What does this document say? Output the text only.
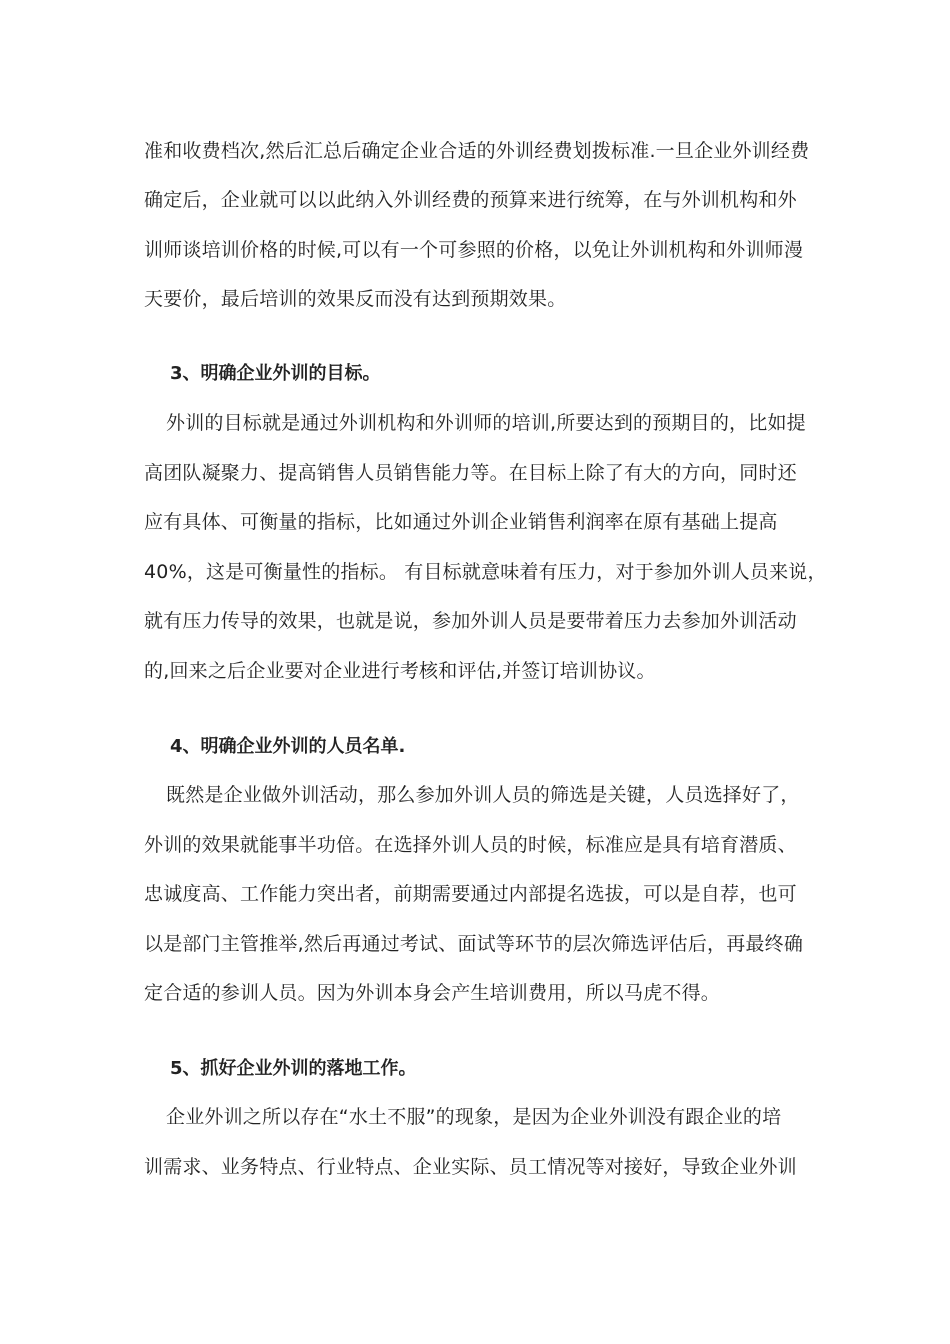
准和收费档次,然后汇总后确定企业合适的外训经费划拨标准.一旦企业外训经费
确定后，企业就可以以此纳入外训经费的预算来进行统筹，在与外训机构和外
训师谈培训价格的时候,可以有一个可参照的价格，以免让外训机构和外训师漫
天要价，最后培训的效果反而没有达到预期效果。
3、明确企业外训的目标。
外训的目标就是通过外训机构和外训师的培训,所要达到的预期目的，比如提
高团队凝聚力、提高销售人员销售能力等。在目标上除了有大的方向，同时还
应有具体、可衡量的指标，比如通过外训企业销售利润率在原有基础上提高
40%，这是可衡量性的指标。 有目标就意味着有压力，对于参加外训人员来说，
就有压力传导的效果，也就是说，参加外训人员是要带着压力去参加外训活动
的,回来之后企业要对企业进行考核和评估,并签订培训协议。
4、明确企业外训的人员名单.
既然是企业做外训活动，那么参加外训人员的筛选是关键，人员选择好了，
外训的效果就能事半功倍。在选择外训人员的时候，标准应是具有培育潜质、
忠诚度高、工作能力突出者，前期需要通过内部提名选拔，可以是自荐，也可
以是部门主管推举,然后再通过考试、面试等环节的层次筛选评估后，再最终确
定合适的参训人员。因为外训本身会产生培训费用，所以马虎不得。
5、抓好企业外训的落地工作。
企业外训之所以存在“水土不服”的现象，是因为企业外训没有跟企业的培
训需求、业务特点、行业特点、企业实际、员工情况等对接好，导致企业外训
